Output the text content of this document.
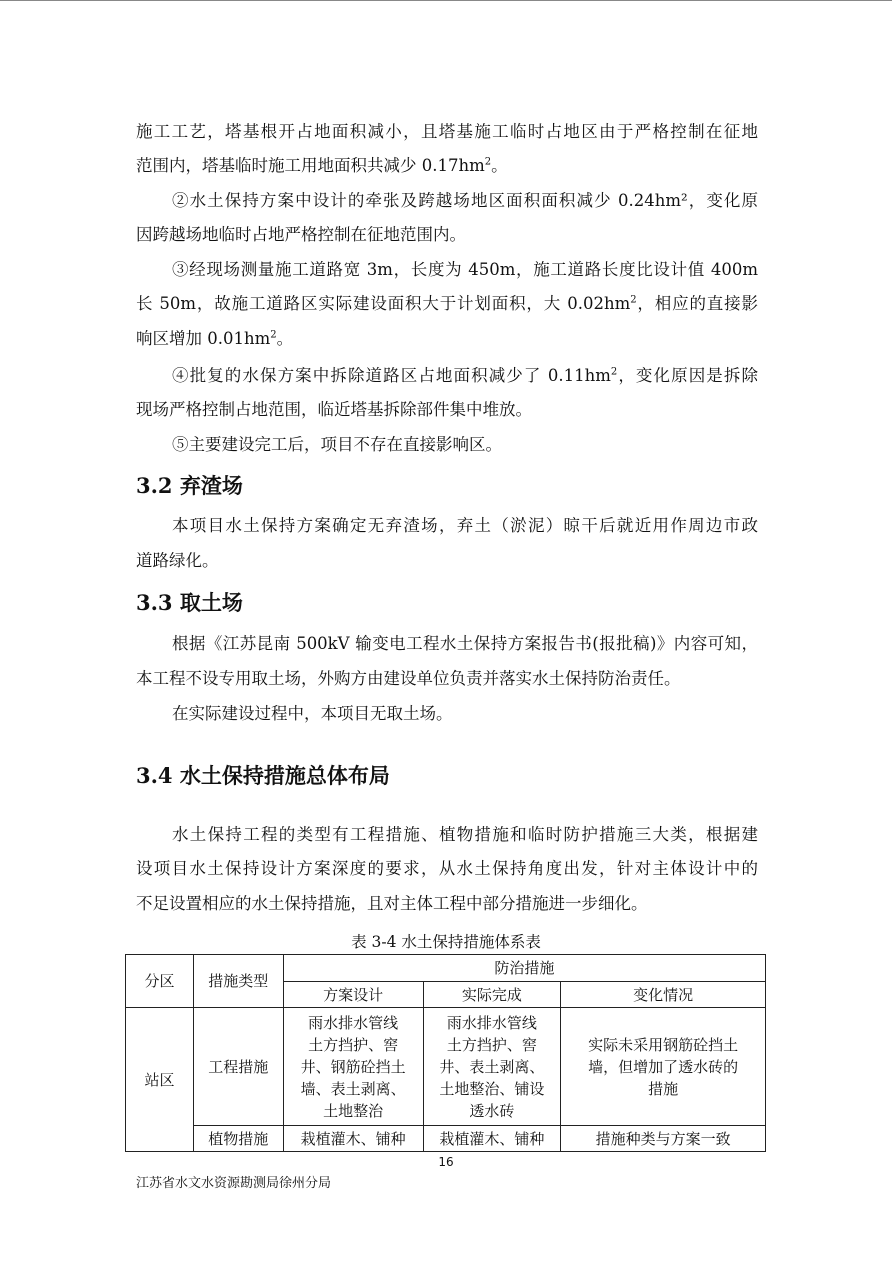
施工工艺，塔基根开占地面积减小，且塔基施工临时占地区由于严格控制在征地

范围内，塔基临时施工用地面积共减少 $0.17hm^2$。

②水土保持方案中设计的牵张及跨越场地区面积面积减少 0.24hm²，变化原

因跨越场地临时占地严格控制在征地范围内。

③经现场测量施工道路宽 3m，长度为 450m，施工道路长度比设计值 400m

长 50m，故施工道路区实际建设面积大于计划面积，大 $0.02hm^2$，相应的直接影

响区增加 $0.01hm^2$。

④批复的水保方案中拆除道路区占地面积减少了 $0.11hm^2$，变化原因是拆除

现场严格控制占地范围，临近塔基拆除部件集中堆放。

⑤主要建设完工后，项目不存在直接影响区。

3.2 弃渣场

本项目水土保持方案确定无弃渣场，弃土（淤泥）晾干后就近用作周边市政

道路绿化。

3.3 取土场

根据《江苏昆南 500kV 输变电工程水土保持方案报告书(报批稿)》内容可知，

本工程不设专用取土场，外购方由建设单位负责并落实水土保持防治责任。

在实际建设过程中，本项目无取土场。

3.4 水土保持措施总体布局

水土保持工程的类型有工程措施、植物措施和临时防护措施三大类，根据建

设项目水土保持设计方案深度的要求，从水土保持角度出发，针对主体设计中的

不足设置相应的水土保持措施，且对主体工程中部分措施进一步细化。

表 3-4 水土保持措施体系表

分区	措施类型	防治措施		
		方案设计	实际完成	变化情况
站区	工程措施	雨水排水管线
土方挡护、窖
井、钢筋砼挡土
墙、表土剥离、
土地整治	雨水排水管线
土方挡护、窖
井、表土剥离、
土地整治、铺设
透水砖	实际未采用钢筋砼挡土
墙，但增加了透水砖的
措施
	植物措施	栽植灌木、铺种	栽植灌木、铺种	措施种类与方案一致
16
江苏省水文水资源勘测局徐州分局
